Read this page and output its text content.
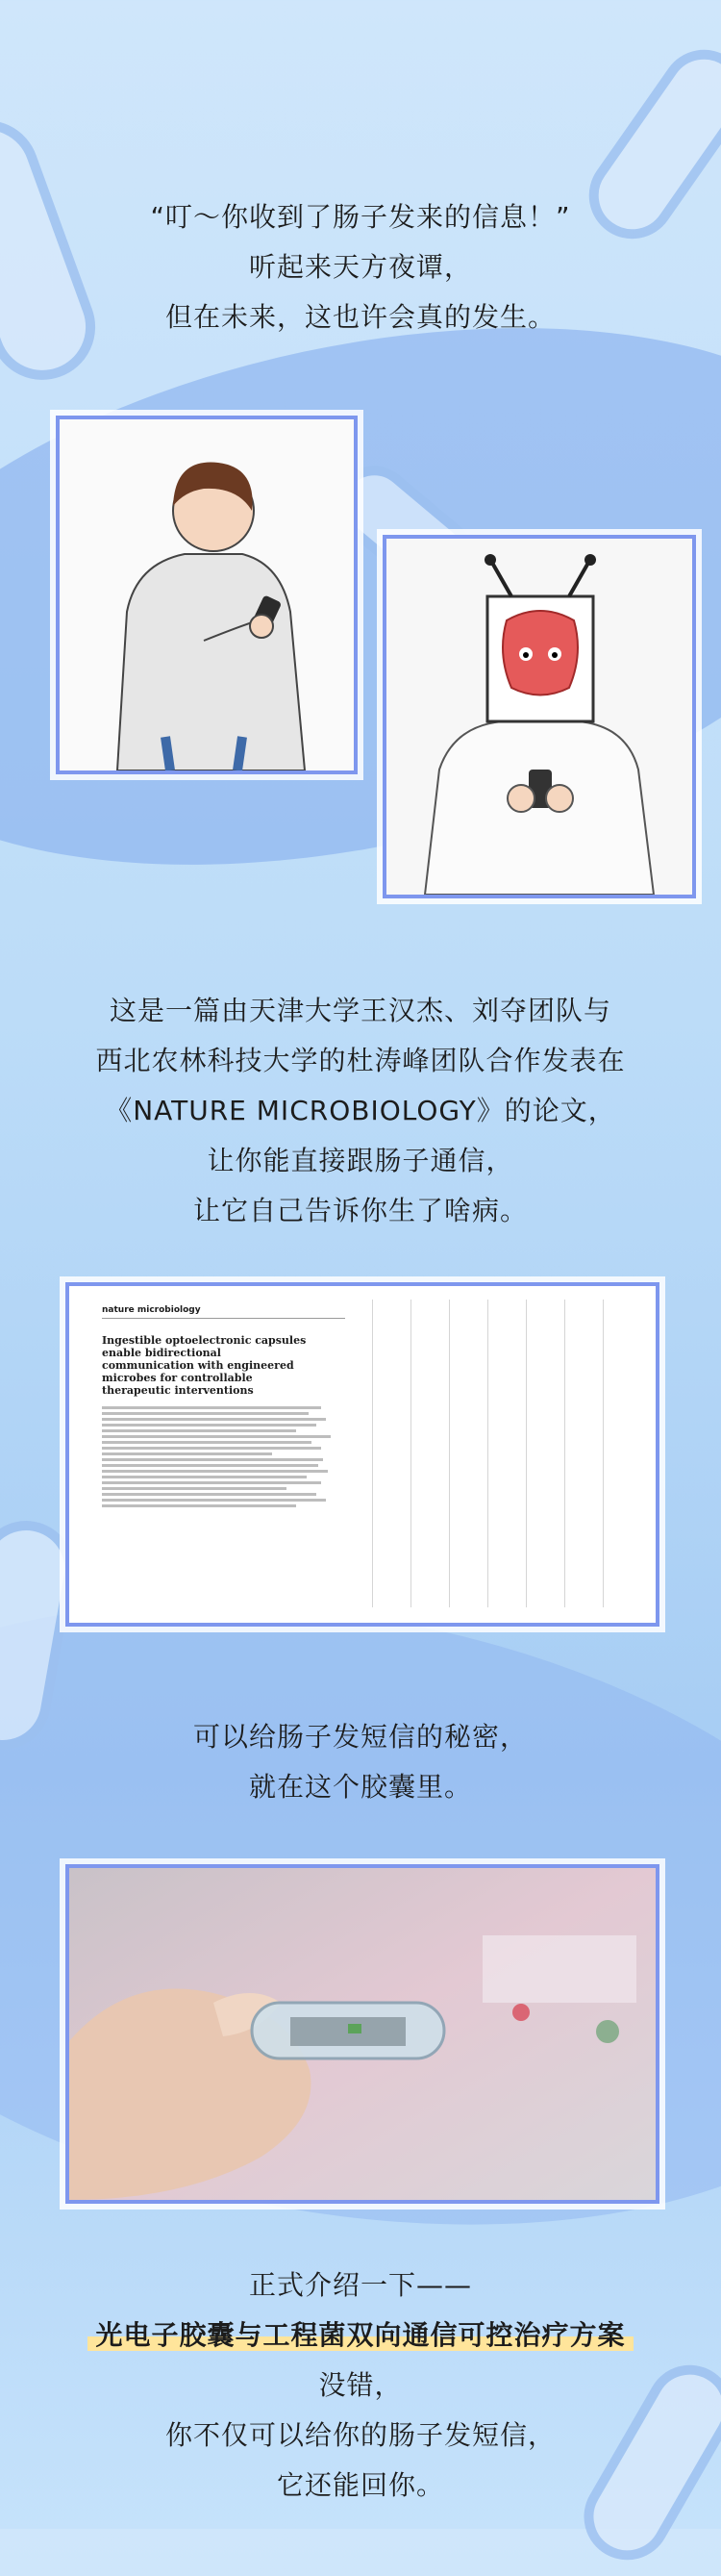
“叮～你收到了肠子发来的信息！”
听起来天方夜谭，
但在未来，这也许会真的发生。
这是一篇由天津大学王汉杰、刘夺团队与
西北农林科技大学的杜涛峰团队合作发表在
《NATURE MICROBIOLOGY》的论文，
让你能直接跟肠子通信，
让它自己告诉你生了啥病。
nature microbiology
Ingestible optoelectronic capsules enable bidirectional communication with engineered microbes for controllable therapeutic interventions
可以给肠子发短信的秘密，
就在这个胶囊里。
正式介绍一下——
光电子胶囊与工程菌双向通信可控治疗方案
没错，
你不仅可以给你的肠子发短信，
它还能回你。
